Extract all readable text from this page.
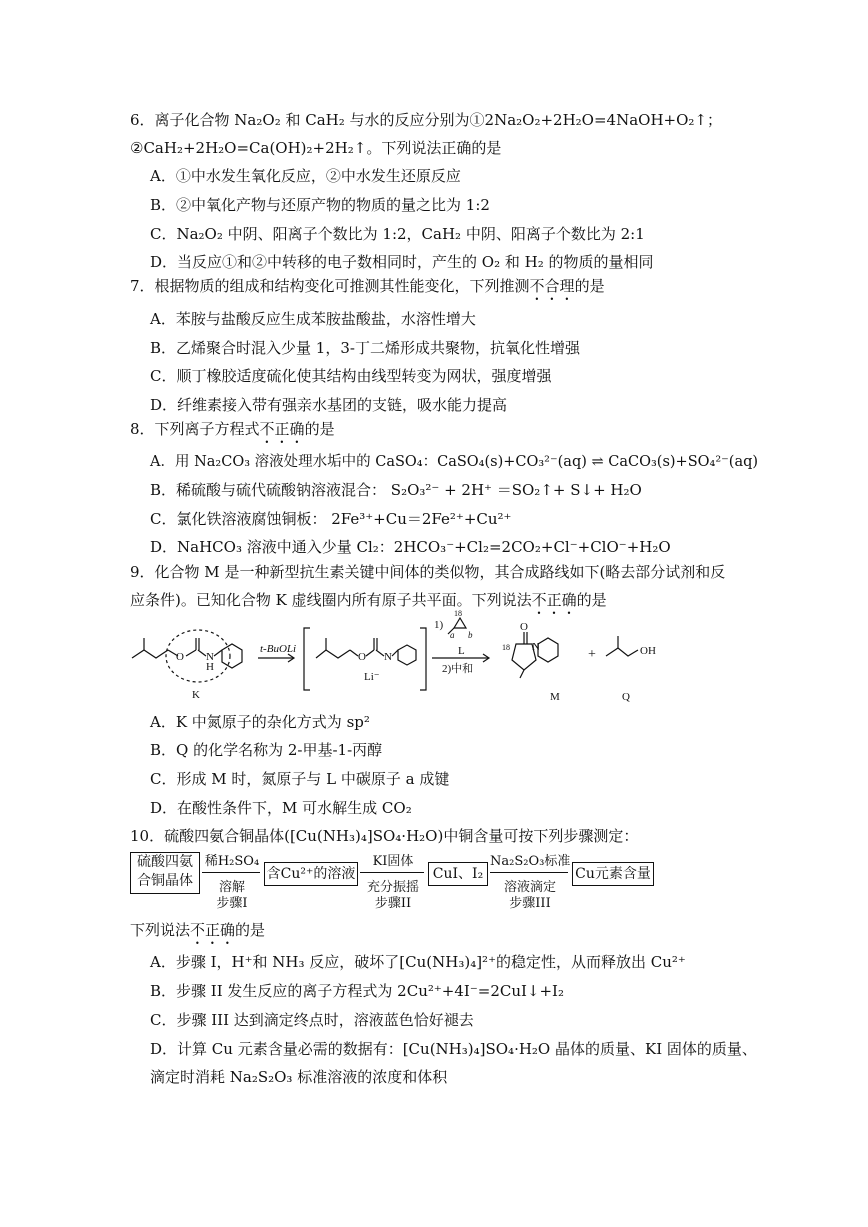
6．离子化合物 Na₂O₂ 和 CaH₂ 与水的反应分别为①2Na₂O₂+2H₂O=4NaOH+O₂↑；
②CaH₂+2H₂O=Ca(OH)₂+2H₂↑。下列说法正确的是
A．①中水发生氧化反应，②中水发生还原反应
B．②中氧化产物与还原产物的物质的量之比为 1:2
C．Na₂O₂ 中阴、阳离子个数比为 1:2，CaH₂ 中阴、阳离子个数比为 2:1
D．当反应①和②中转移的电子数相同时，产生的 O₂ 和 H₂ 的物质的量相同
7．根据物质的组成和结构变化可推测其性能变化，下列推测不合理的是
A．苯胺与盐酸反应生成苯胺盐酸盐，水溶性增大
B．乙烯聚合时混入少量 1，3-丁二烯形成共聚物，抗氧化性增强
C．顺丁橡胶适度硫化使其结构由线型转变为网状，强度增强
D．纤维素接入带有强亲水基团的支链，吸水能力提高
8．下列离子方程式不正确的是
A．用 Na₂CO₃ 溶液处理水垢中的 CaSO₄：CaSO₄(s)+CO₃²⁻(aq) ⇌ CaCO₃(s)+SO₄²⁻(aq)
B．稀硫酸与硫代硫酸钠溶液混合： S₂O₃²⁻ + 2H⁺ ＝SO₂↑+ S↓+ H₂O
C．氯化铁溶液腐蚀铜板： 2Fe³⁺+Cu＝2Fe²⁺+Cu²⁺
D．NaHCO₃ 溶液中通入少量 Cl₂：2HCO₃⁻+Cl₂=2CO₂+Cl⁻+ClO⁻+H₂O
9．化合物 M 是一种新型抗生素关键中间体的类似物，其合成路线如下(略去部分试剂和反
应条件)。已知化合物 K 虚线圈内所有原子共平面。下列说法不正确的是
O N
H
K
t-BuOLi
O N
Li⁻
1)
18
a b
L
2)中和
18
O
N
M
+	OH
Q
A．K 中氮原子的杂化方式为 sp²
B．Q 的化学名称为 2-甲基-1-丙醇
C．形成 M 时，氮原子与 L 中碳原子 a 成键
D．在酸性条件下，M 可水解生成 CO₂
10．硫酸四氨合铜晶体([Cu(NH₃)₄]SO₄·H₂O)中铜含量可按下列步骤测定：
硫酸四氨
合铜晶体
稀H₂SO₄
溶解
步骤I
含Cu²⁺的溶液
KI固体
充分振摇
步骤II
CuI、I₂
Na₂S₂O₃标准
溶液滴定
步骤III
Cu元素含量
下列说法不正确的是
A．步骤 I，H⁺和 NH₃ 反应，破坏了[Cu(NH₃)₄]²⁺的稳定性，从而释放出 Cu²⁺
B．步骤 II 发生反应的离子方程式为 2Cu²⁺+4I⁻=2CuI↓+I₂
C．步骤 III 达到滴定终点时，溶液蓝色恰好褪去
D．计算 Cu 元素含量必需的数据有：[Cu(NH₃)₄]SO₄·H₂O 晶体的质量、KI 固体的质量、
滴定时消耗 Na₂S₂O₃ 标准溶液的浓度和体积
